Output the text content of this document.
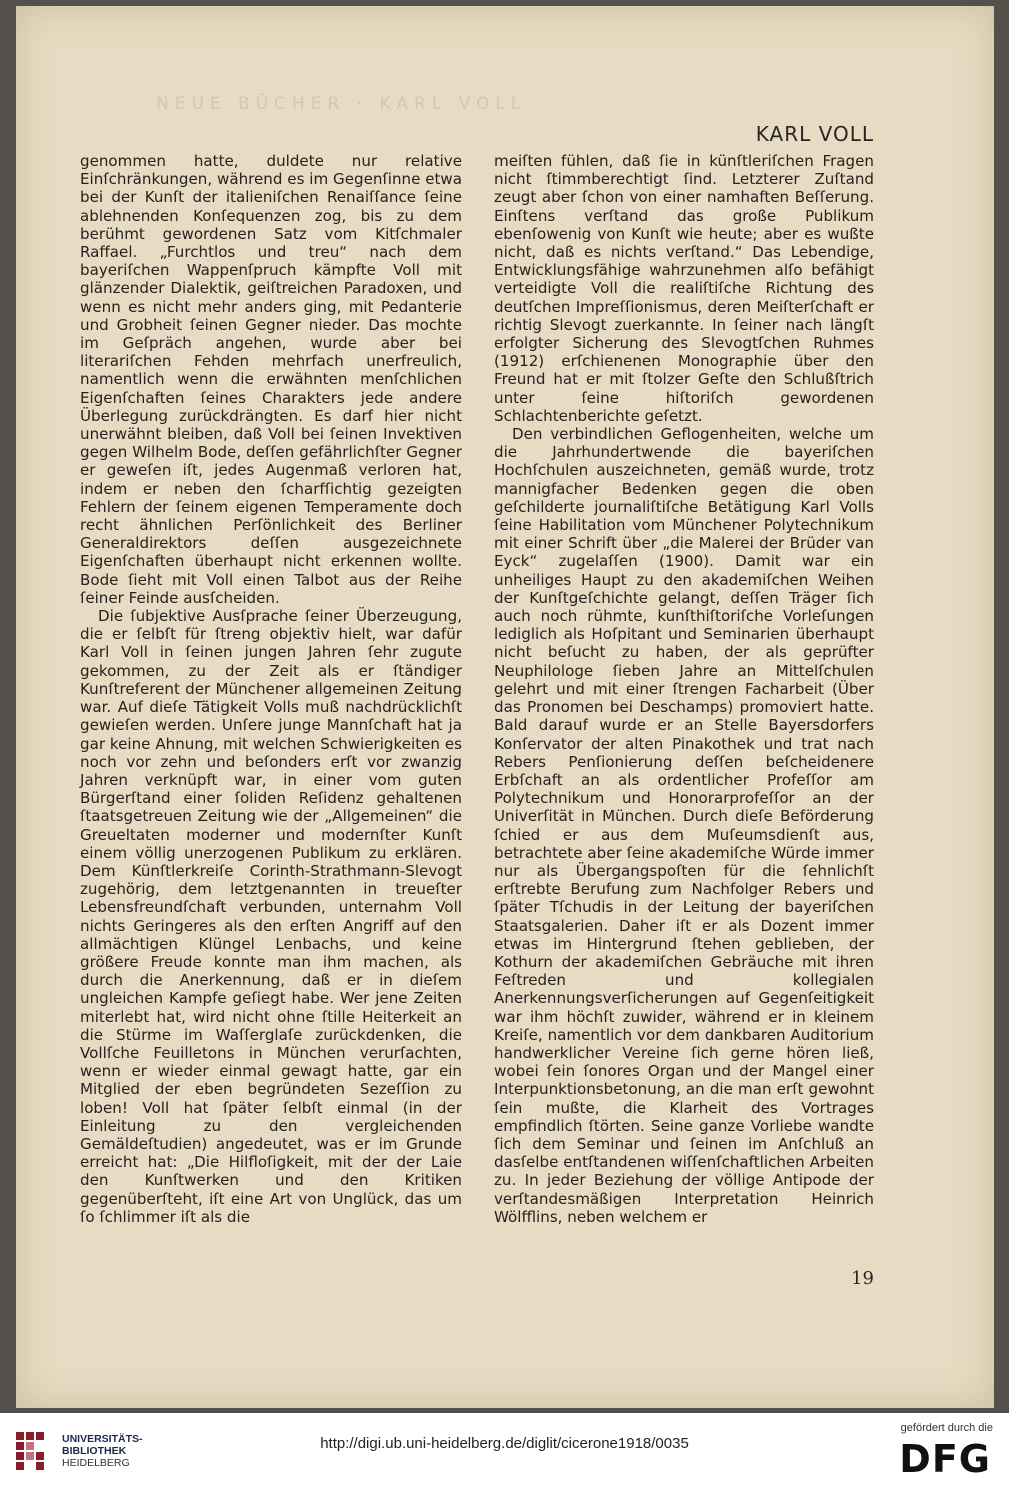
NEUE BÜCHER · KARL VOLL
KARL VOLL

genommen hatte, duldete nur relative Einſchränkungen, während es im Gegenſinne etwa bei der Kunſt der italieniſchen Renaiſſance ſeine ablehnenden Konſequenzen zog, bis zu dem berühmt gewordenen Satz vom Kitſchmaler Raffael. „Furchtlos und treu“ nach dem bayeriſchen Wappenſpruch kämpfte Voll mit glänzender Dialektik, geiſtreichen Paradoxen, und wenn es nicht mehr anders ging, mit Pedanterie und Grobheit ſeinen Gegner nieder. Das mochte im Geſpräch angehen, wurde aber bei literariſchen Fehden mehrfach unerfreulich, namentlich wenn die erwähnten menſchlichen Eigenſchaften ſeines Charakters jede andere Überlegung zurückdrängten. Es darf hier nicht unerwähnt bleiben, daß Voll bei ſeinen Invektiven gegen Wilhelm Bode, deſſen gefährlichſter Gegner er geweſen iſt, jedes Augenmaß verloren hat, indem er neben den ſcharfſichtig gezeigten Fehlern der ſeinem eigenen Temperamente doch recht ähnlichen Perſönlichkeit des Berliner Generaldirektors deſſen ausgezeichnete Eigenſchaften überhaupt nicht erkennen wollte. Bode ſieht mit Voll einen Talbot aus der Reihe ſeiner Feinde ausſcheiden.

Die ſubjektive Ausſprache ſeiner Überzeugung, die er ſelbſt für ſtreng objektiv hielt, war dafür Karl Voll in ſeinen jungen Jahren ſehr zugute gekommen, zu der Zeit als er ſtändiger Kunſtreferent der Münchener allgemeinen Zeitung war. Auf dieſe Tätigkeit Volls muß nachdrücklichſt gewieſen werden. Unſere junge Mannſchaft hat ja gar keine Ahnung, mit welchen Schwierigkeiten es noch vor zehn und beſonders erſt vor zwanzig Jahren verknüpft war, in einer vom guten Bürgerſtand einer ſoliden Reſidenz gehaltenen ſtaatsgetreuen Zeitung wie der „Allgemeinen“ die Greueltaten moderner und modernſter Kunſt einem völlig unerzogenen Publikum zu erklären. Dem Künſtlerkreiſe Corinth-Strathmann-Slevogt zugehörig, dem letztgenannten in treueſter Lebensfreundſchaft verbunden, unternahm Voll nichts Geringeres als den erſten Angriff auf den allmächtigen Klüngel Lenbachs, und keine größere Freude konnte man ihm machen, als durch die Anerkennung, daß er in dieſem ungleichen Kampfe geſiegt habe. Wer jene Zeiten miterlebt hat, wird nicht ohne ſtille Heiterkeit an die Stürme im Waſſerglaſe zurückdenken, die Vollſche Feuilletons in München verurſachten, wenn er wieder einmal gewagt hatte, gar ein Mitglied der eben begründeten Sezeſſion zu loben! Voll hat ſpäter ſelbſt einmal (in der Einleitung zu den vergleichenden Gemäldeſtudien) angedeutet, was er im Grunde erreicht hat: „Die Hilfloſigkeit, mit der der Laie den Kunſtwerken und den Kritiken gegenüberſteht, iſt eine Art von Unglück, das um ſo ſchlimmer iſt als die

meiſten fühlen, daß ſie in künſtleriſchen Fragen nicht ſtimmberechtigt ſind. Letzterer Zuſtand zeugt aber ſchon von einer namhaften Beſſerung. Einſtens verſtand das große Publikum ebenſowenig von Kunſt wie heute; aber es wußte nicht, daß es nichts verſtand.“ Das Lebendige, Entwicklungsfähige wahrzunehmen alſo befähigt verteidigte Voll die realiſtiſche Richtung des deutſchen Impreſſionismus, deren Meiſterſchaft er richtig Slevogt zuerkannte. In ſeiner nach längſt erfolgter Sicherung des Slevogtſchen Ruhmes (1912) erſchienenen Monographie über den Freund hat er mit ſtolzer Geſte den Schlußſtrich unter ſeine hiſtoriſch gewordenen Schlachtenberichte geſetzt.

Den verbindlichen Geflogenheiten, welche um die Jahrhundertwende die bayeriſchen Hochſchulen auszeichneten, gemäß wurde, trotz mannigfacher Bedenken gegen die oben geſchilderte journaliſtiſche Betätigung Karl Volls ſeine Habilitation vom Münchener Polytechnikum mit einer Schrift über „die Malerei der Brüder van Eyck“ zugelaſſen (1900). Damit war ein unheiliges Haupt zu den akademiſchen Weihen der Kunſtgeſchichte gelangt, deſſen Träger ſich auch noch rühmte, kunſthiſtoriſche Vorleſungen lediglich als Hoſpitant und Seminarien überhaupt nicht beſucht zu haben, der als geprüfter Neuphilologe ſieben Jahre an Mittelſchulen gelehrt und mit einer ſtrengen Facharbeit (Über das Pronomen bei Deschamps) promoviert hatte. Bald darauf wurde er an Stelle Bayersdorfers Konſervator der alten Pinakothek und trat nach Rebers Penſionierung deſſen beſcheidenere Erbſchaft an als ordentlicher Profeſſor am Polytechnikum und Honorarprofeſſor an der Univerſität in München. Durch dieſe Beförderung ſchied er aus dem Muſeumsdienſt aus, betrachtete aber ſeine akademiſche Würde immer nur als Übergangspoſten für die ſehnlichſt erſtrebte Berufung zum Nachfolger Rebers und ſpäter Tſchudis in der Leitung der bayeriſchen Staatsgalerien. Daher iſt er als Dozent immer etwas im Hintergrund ſtehen geblieben, der Kothurn der akademiſchen Gebräuche mit ihren Feſtreden und kollegialen Anerkennungsverſicherungen auf Gegenſeitigkeit war ihm höchſt zuwider, während er in kleinem Kreiſe, namentlich vor dem dankbaren Auditorium handwerklicher Vereine ſich gerne hören ließ, wobei ſein ſonores Organ und der Mangel einer Interpunktionsbetonung, an die man erſt gewohnt ſein mußte, die Klarheit des Vortrages empfindlich ſtörten. Seine ganze Vorliebe wandte ſich dem Seminar und ſeinen im Anſchluß an dasſelbe entſtandenen wiſſenſchaftlichen Arbeiten zu. In jeder Beziehung der völlige Antipode der verſtandesmäßigen Interpretation Heinrich Wölfflins, neben welchem er

19
UNIVERSITÄTS-
BIBLIOTHEK
HEIDELBERG
http://digi.ub.uni-heidelberg.de/diglit/cicerone1918/0035
gefördert durch die
DFG
